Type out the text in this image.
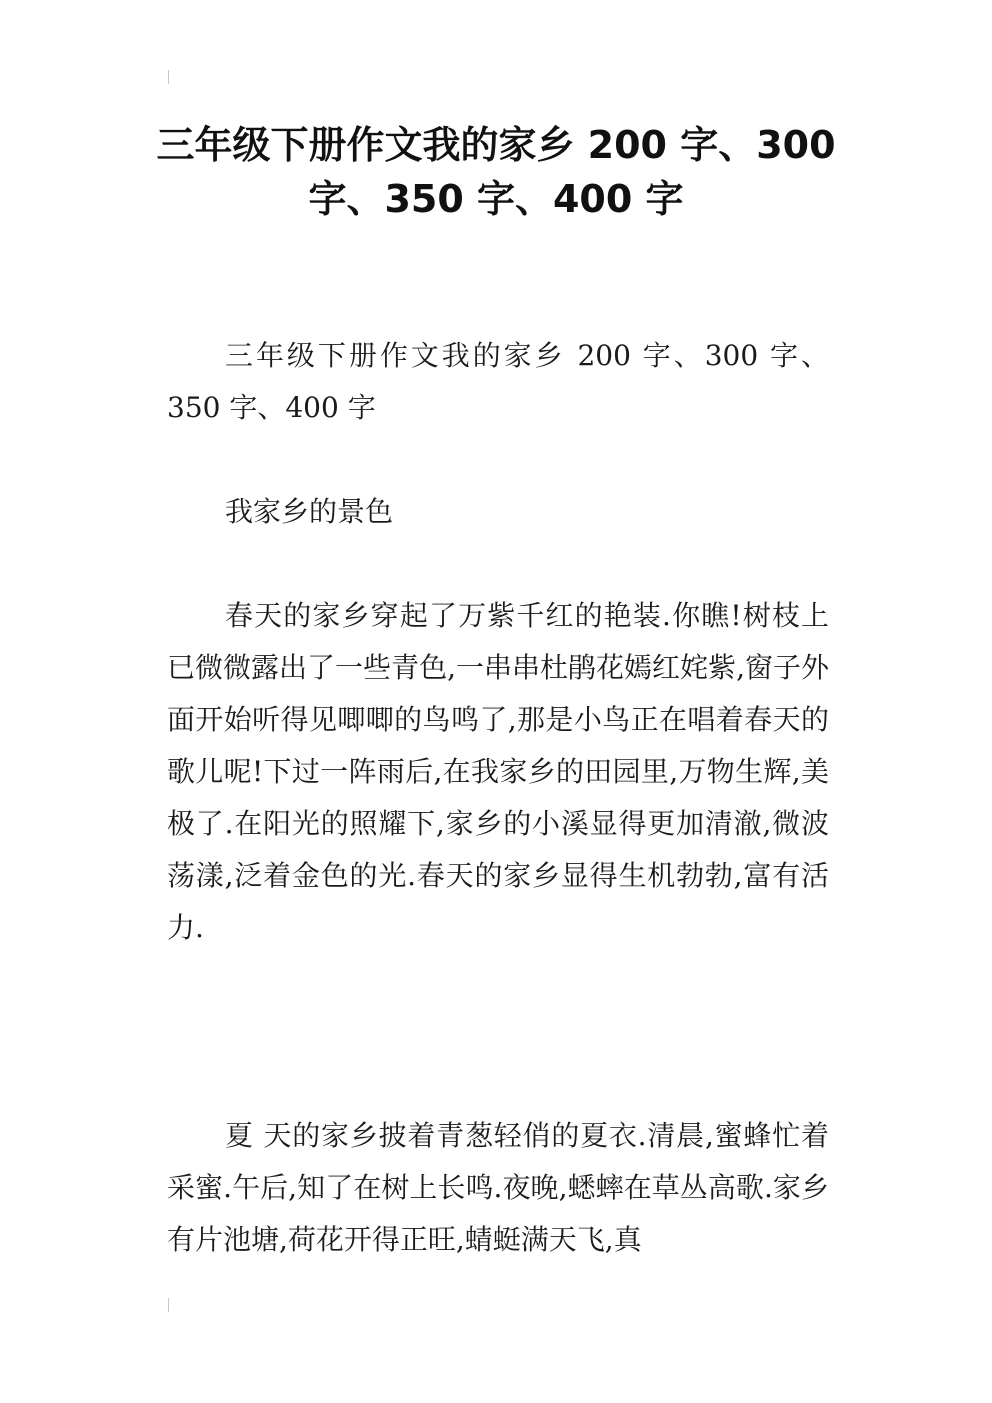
三年级下册作文我的家乡 200 字、300 字、350 字、400 字

三年级下册作文我的家乡 200 字、300 字、350 字、400 字

我家乡的景色

春天的家乡穿起了万紫千红的艳装.你瞧!树枝上已微微露出了一些青色,一串串杜鹃花嫣红姹紫,窗子外面开始听得见唧唧的鸟鸣了,那是小鸟正在唱着春天的歌儿呢!下过一阵雨后,在我家乡的田园里,万物生辉,美极了.在阳光的照耀下,家乡的小溪显得更加清澈,微波荡漾,泛着金色的光.春天的家乡显得生机勃勃,富有活力.

夏 天的家乡披着青葱轻俏的夏衣.清晨,蜜蜂忙着采蜜.午后,知了在树上长鸣.夜晚,蟋蟀在草丛高歌.家乡有片池塘,荷花开得正旺,蜻蜓满天飞,真
